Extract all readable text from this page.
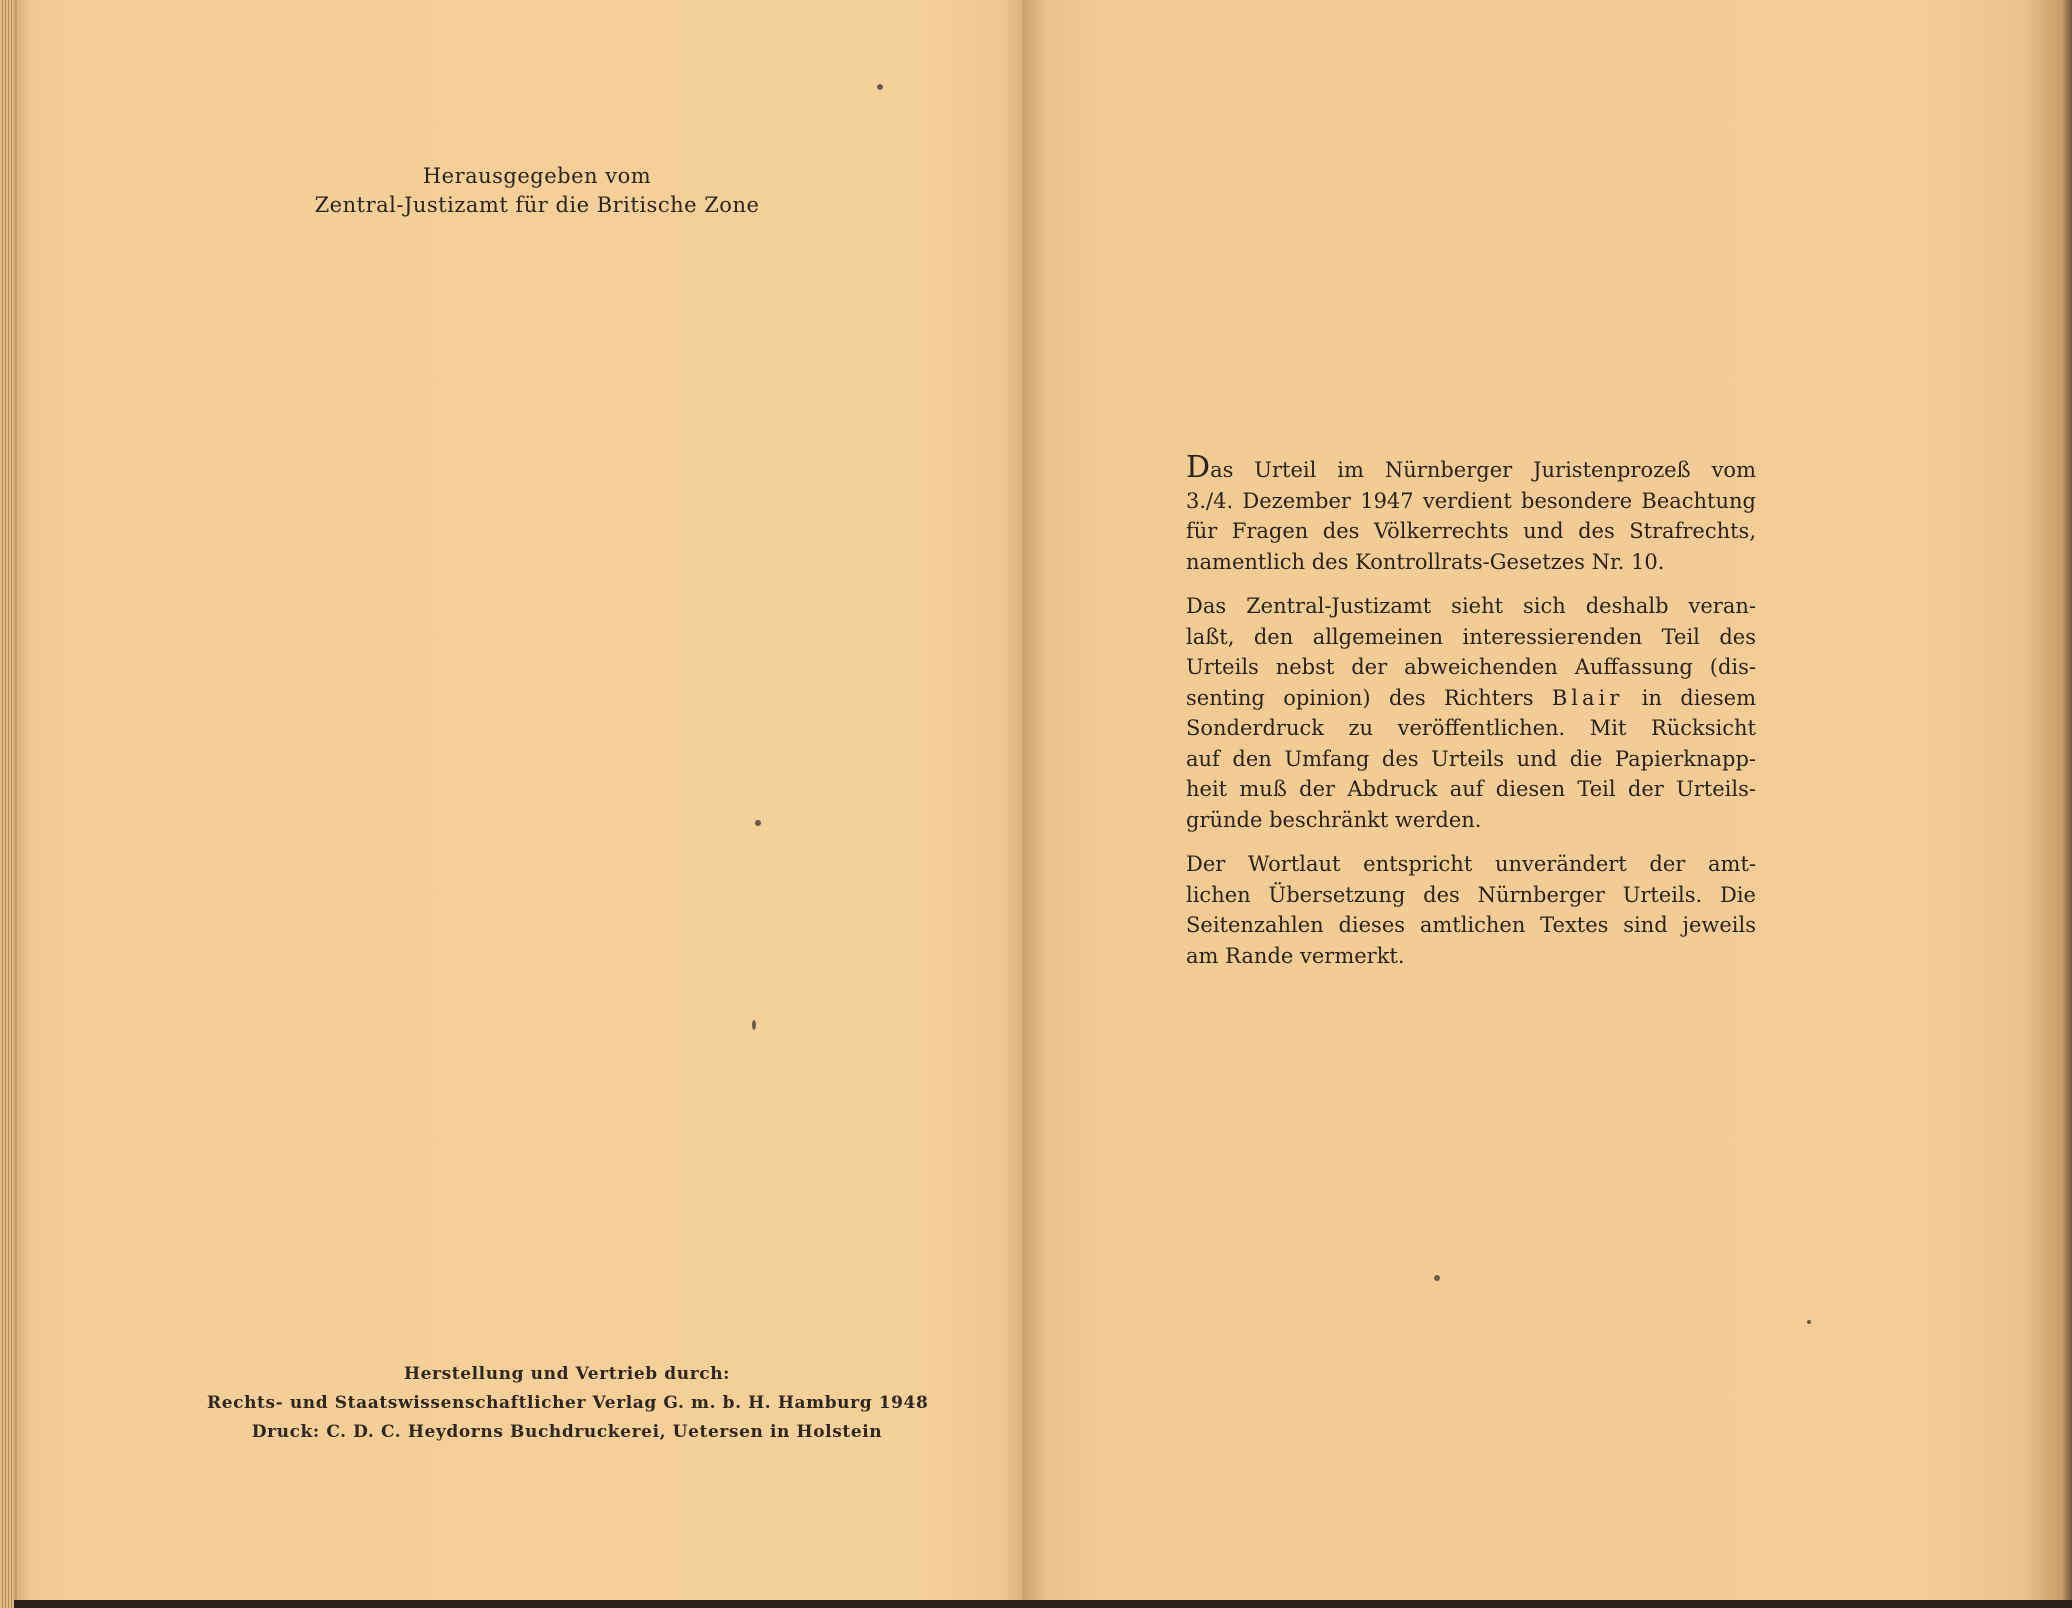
Herausgegeben vom
Zentral-Justizamt für die Britische Zone
Herstellung und Vertrieb durch:
Rechts- und Staatswissenschaftlicher Verlag G. m. b. H. Hamburg 1948
Druck: C. D. C. Heydorns Buchdruckerei, Uetersen in Holstein
Das Urteil im Nürnberger Juristenprozeß vom
3./4. Dezember 1947 verdient besondere Beachtung
für Fragen des Völkerrechts und des Strafrechts,
namentlich des Kontrollrats-Gesetzes Nr. 10.
Das Zentral-Justizamt sieht sich deshalb veran-
laßt, den allgemeinen interessierenden Teil des
Urteils nebst der abweichenden Auffassung (dis-
senting opinion) des Richters Blair in diesem
Sonderdruck zu veröffentlichen. Mit Rücksicht
auf den Umfang des Urteils und die Papierknapp-
heit muß der Abdruck auf diesen Teil der Urteils-
gründe beschränkt werden.
Der Wortlaut entspricht unverändert der amt-
lichen Übersetzung des Nürnberger Urteils. Die
Seitenzahlen dieses amtlichen Textes sind jeweils
am Rande vermerkt.
